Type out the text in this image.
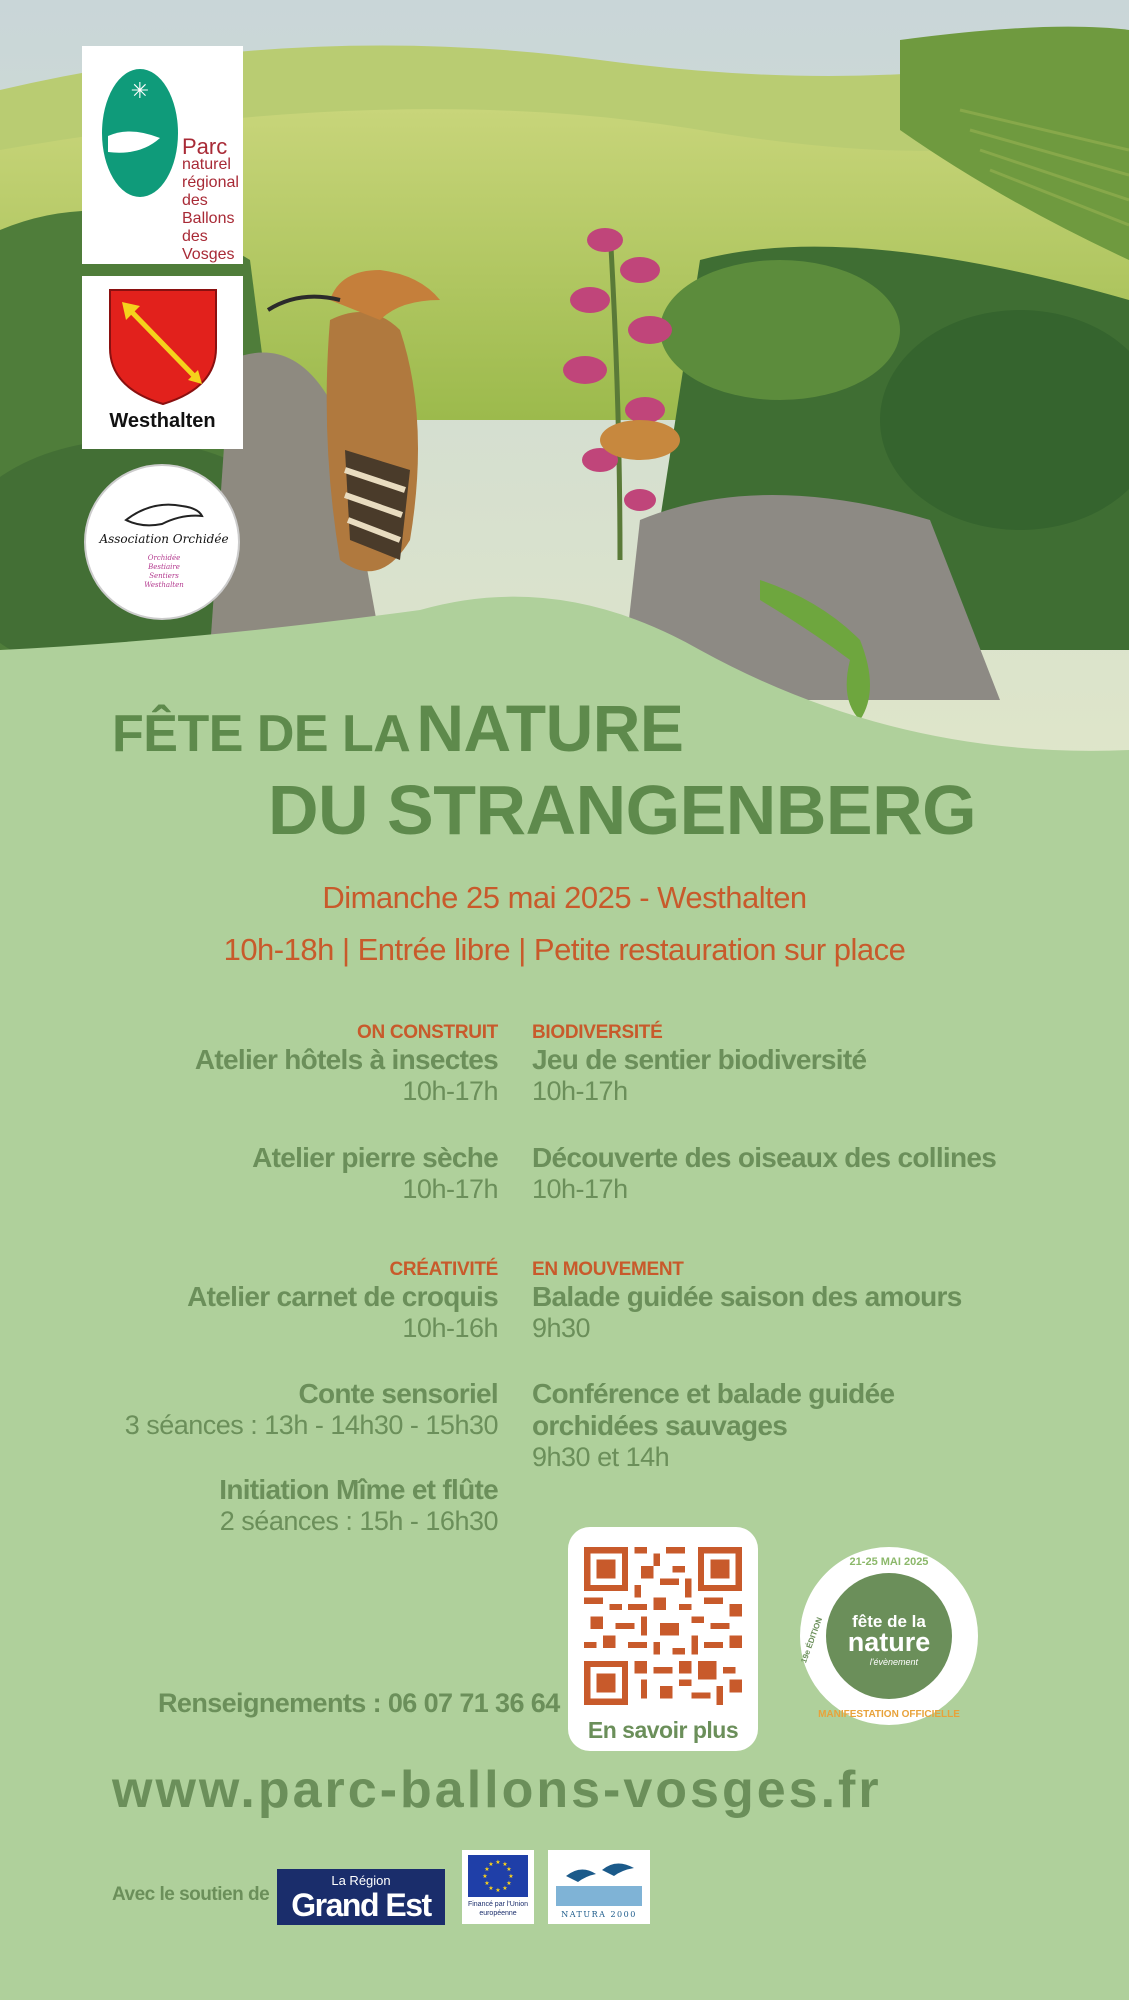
✳
Parc
naturel
régional
des Ballons
des Vosges
Westhalten
Association Orchidée
Orchidée
Bestiaire
Sentiers
Westhalten
FÊTE DE LANATURE
DU STRANGENBERG
Dimanche 25 mai 2025 - Westhalten
10h-18h | Entrée libre | Petite restauration sur place
ON CONSTRUIT
Atelier hôtels à insectes
10h-17h
Atelier pierre sèche
10h-17h
CRÉATIVITÉ
Atelier carnet de croquis
10h-16h
Conte sensoriel
3 séances : 13h - 14h30 - 15h30
Initiation Mîme et flûte
2 séances : 15h - 16h30
BIODIVERSITÉ
Jeu de sentier biodiversité
10h-17h
Découverte des oiseaux des collines
10h-17h
EN MOUVEMENT
Balade guidée saison des amours
9h30
Conférence et balade guidée
orchidées sauvages
9h30 et 14h
En savoir plus
21-25 MAI 2025
MANIFESTATION OFFICIELLE
19e ÉDITION fête de la
nature
l'évènement
Renseignements : 06 07 71 36 64
www.parc-ballons-vosges.fr
Avec le soutien de
La Région
Grand Est
★ ★
★
★
★
★
★
★
★
★
★
★
Financé par l'Union européenne	NATURA 2000
